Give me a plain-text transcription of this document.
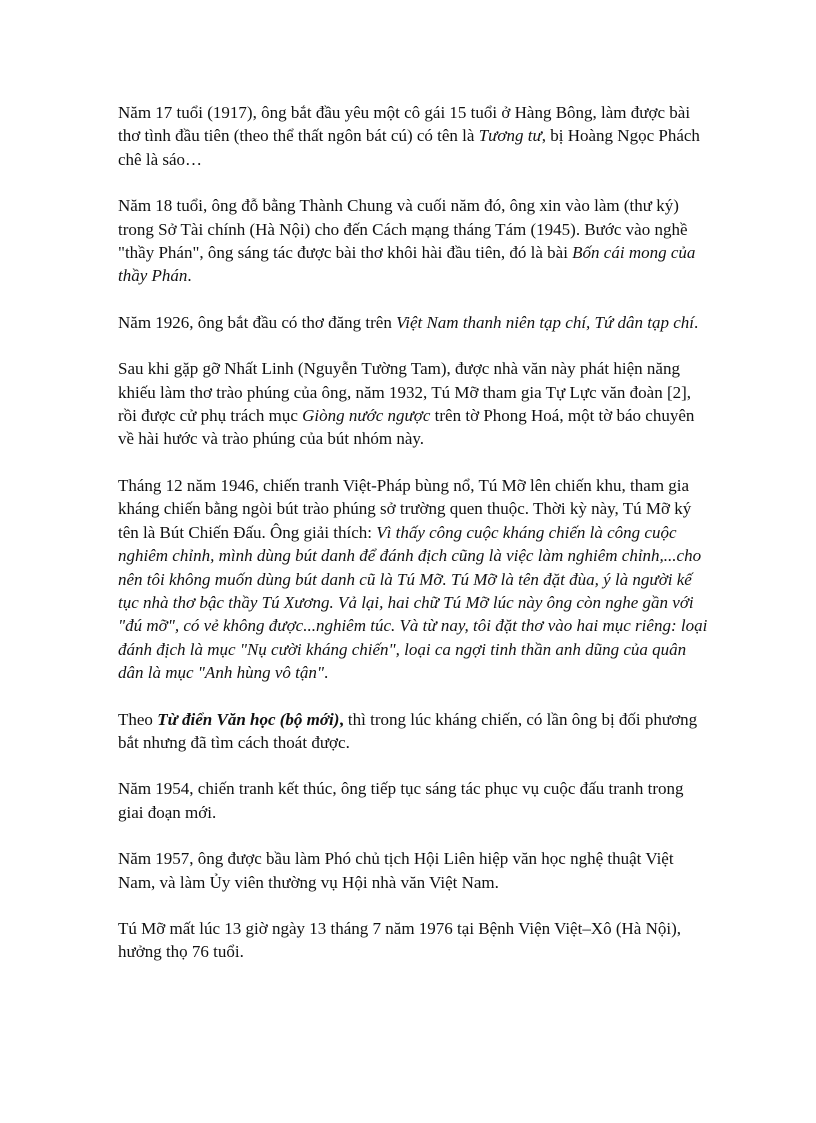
Năm 17 tuổi (1917), ông bắt đầu yêu một cô gái 15 tuổi ở Hàng Bông, làm được bài thơ tình đầu tiên (theo thể thất ngôn bát cú) có tên là Tương tư, bị Hoàng Ngọc Phách chê là sáo…

Năm 18 tuổi, ông đỗ bằng Thành Chung và cuối năm đó, ông xin vào làm (thư ký) trong Sở Tài chính (Hà Nội) cho đến Cách mạng tháng Tám (1945). Bước vào nghề "thầy Phán", ông sáng tác được bài thơ khôi hài đầu tiên, đó là bài Bốn cái mong của thầy Phán.

Năm 1926, ông bắt đầu có thơ đăng trên Việt Nam thanh niên tạp chí, Tứ dân tạp chí.

Sau khi gặp gỡ Nhất Linh (Nguyễn Tường Tam), được nhà văn này phát hiện năng khiếu làm thơ trào phúng của ông, năm 1932, Tú Mỡ tham gia Tự Lực văn đoàn [2], rồi được cử phụ trách mục Giòng nước ngược trên tờ Phong Hoá, một tờ báo chuyên về hài hước và trào phúng của bút nhóm này.

Tháng 12 năm 1946, chiến tranh Việt-Pháp bùng nổ, Tú Mỡ lên chiến khu, tham gia kháng chiến bằng ngòi bút trào phúng sở trường quen thuộc. Thời kỳ này, Tú Mỡ ký tên là Bút Chiến Đấu. Ông giải thích: Vì thấy công cuộc kháng chiến là công cuộc nghiêm chỉnh, mình dùng bút danh để đánh địch cũng là việc làm nghiêm chỉnh,...cho nên tôi không muốn dùng bút danh cũ là Tú Mỡ. Tú Mỡ là tên đặt đùa, ý là người kế tục nhà thơ bậc thầy Tú Xương. Vả lại, hai chữ Tú Mỡ lúc này ông còn nghe gần với "đú mỡ", có vẻ không được...nghiêm túc. Và từ nay, tôi đặt thơ vào hai mục riêng: loại đánh địch là mục "Nụ cười kháng chiến", loại ca ngợi tinh thần anh dũng của quân dân là mục "Anh hùng vô tận".

Theo Từ điển Văn học (bộ mới), thì trong lúc kháng chiến, có lần ông bị đối phương bắt nhưng đã tìm cách thoát được.

Năm 1954, chiến tranh kết thúc, ông tiếp tục sáng tác phục vụ cuộc đấu tranh trong giai đoạn mới.

Năm 1957, ông được bầu làm Phó chủ tịch Hội Liên hiệp văn học nghệ thuật Việt Nam, và làm Ủy viên thường vụ Hội nhà văn Việt Nam.

Tú Mỡ mất lúc 13 giờ ngày 13 tháng 7 năm 1976 tại Bệnh Viện Việt–Xô (Hà Nội), hưởng thọ 76 tuổi.
